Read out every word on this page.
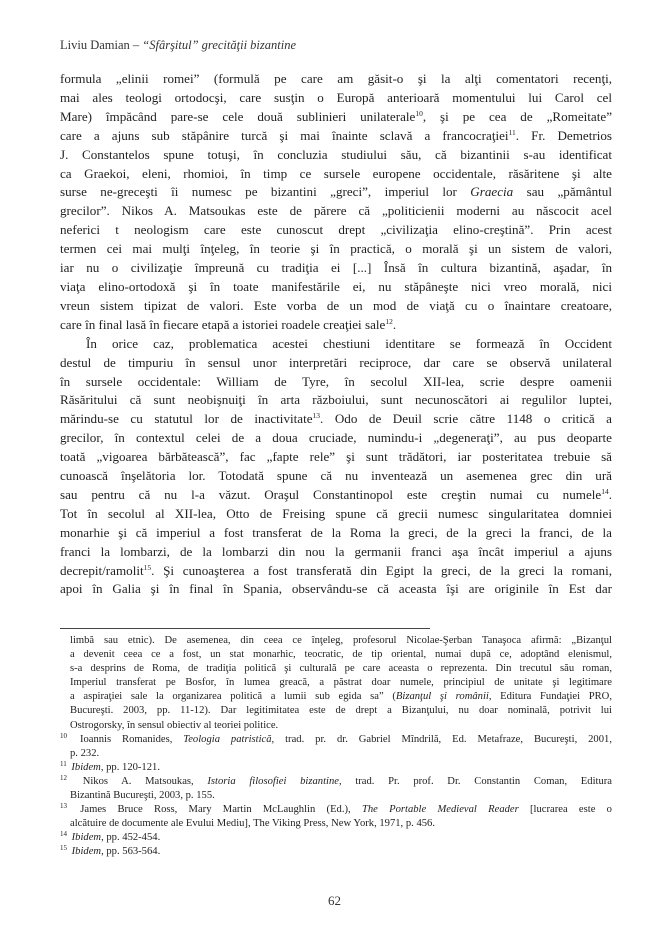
Liviu Damian – “Sfârşitul” grecităţii bizantine
formula „elinii romei” (formulă pe care am găsit-o şi la alţi comentatori recenţi,
mai ales teologi ortodocşi, care susţin o Europă anterioară momentului lui Carol cel
Mare) împăcând pare-se cele două sublinieri unilaterale$^{10}$, şi pe cea de „Romeitate”
care a ajuns sub stăpânire turcă şi mai înainte sclavă a francocraţiei$^{11}$. Fr. Demetrios
J. Constantelos spune totuşi, în concluzia studiului său, că bizantinii s-au identificat
ca Graekoi, eleni, rhomioi, în timp ce sursele europene occidentale, răsăritene şi alte
surse ne-greceşti îi numesc pe bizantini „greci”, imperiul lor Graecia sau „pământul
grecilor”. Nikos A. Matsoukas este de părere că „politicienii moderni au născocit acel
neferici t neologism care este cunoscut drept „civilizaţia elino-creştină”. Prin acest
termen cei mai mulţi înţeleg, în teorie şi în practică, o morală şi un sistem de valori,
iar nu o civilizaţie împreună cu tradiţia ei [...] Însă în cultura bizantină, aşadar, în
viaţa elino-ortodoxă şi în toate manifestările ei, nu stăpâneşte nici vreo morală, nici
vreun sistem tipizat de valori. Este vorba de un mod de viaţă cu o înaintare creatoare,
care în final lasă în fiecare etapă a istoriei roadele creaţiei sale$^{12}$.
În orice caz, problematica acestei chestiuni identitare se formează în Occident
destul de timpuriu în sensul unor interpretări reciproce, dar care se observă unilateral
în sursele occidentale: William de Tyre, în secolul XII-lea, scrie despre oamenii
Răsăritului că sunt neobişnuiţi în arta războiului, sunt necunoscători ai regulilor luptei,
mărindu-se cu statutul lor de inactivitate$^{13}$. Odo de Deuil scrie către 1148 o critică a
grecilor, în contextul celei de a doua cruciade, numindu-i „degeneraţi”, au pus deoparte
toată „vigoarea bărbătească”, fac „fapte rele” şi sunt trădători, iar posteritatea trebuie să
cunoască înşelătoria lor. Totodată spune că nu inventează un asemenea grec din ură
sau pentru că nu l-a văzut. Oraşul Constantinopol este creştin numai cu numele$^{14}$.
Tot în secolul al XII-lea, Otto de Freising spune că grecii numesc singularitatea domniei
monarhie şi că imperiul a fost transferat de la Roma la greci, de la greci la franci, de la
franci la lombarzi, de la lombarzi din nou la germanii franci aşa încât imperiul a ajuns
decrepit/ramolit$^{15}$. Şi cunoaşterea a fost transferată din Egipt la greci, de la greci la romani,
apoi în Galia şi în final în Spania, observându-se că aceasta îşi are originile în Est dar
limbă sau etnic). De asemenea, din ceea ce înţeleg, profesorul Nicolae-Şerban Tanaşoca afirmă: „Bizanţul
a devenit ceea ce a fost, un stat monarhic, teocratic, de tip oriental, numai după ce, adoptând elenismul,
s-a desprins de Roma, de tradiţia politică şi culturală pe care aceasta o reprezenta. Din trecutul său roman,
Imperiul transferat pe Bosfor, în lumea greacă, a păstrat doar numele, principiul de unitate şi legitimare
a aspiraţiei sale la organizarea politică a lumii sub egida sa” (Bizanţul şi românii, Editura Fundaţiei PRO,
Bucureşti. 2003, pp. 11-12). Dar legitimitatea este de drept a Bizanţului, nu doar nominală, potrivit lui
Ostrogorsky, în sensul obiectiv al teoriei politice.
$^{10}$ Ioannis Romanides, Teologia patristică, trad. pr. dr. Gabriel Mîndrilă, Ed. Metafraze, Bucureşti, 2001,
p. 232.
$^{11}$ Ibidem, pp. 120-121.
$^{12}$ Nikos A. Matsoukas, Istoria filosofiei bizantine, trad. Pr. prof. Dr. Constantin Coman, Editura
Bizantină Bucureşti, 2003, p. 155.
$^{13}$ James Bruce Ross, Mary Martin McLaughlin (Ed.), The Portable Medieval Reader [lucrarea este o
alcătuire de documente ale Evului Mediu], The Viking Press, New York, 1971, p. 456.
$^{14}$ Ibidem, pp. 452-454.
$^{15}$ Ibidem, pp. 563-564.
62
